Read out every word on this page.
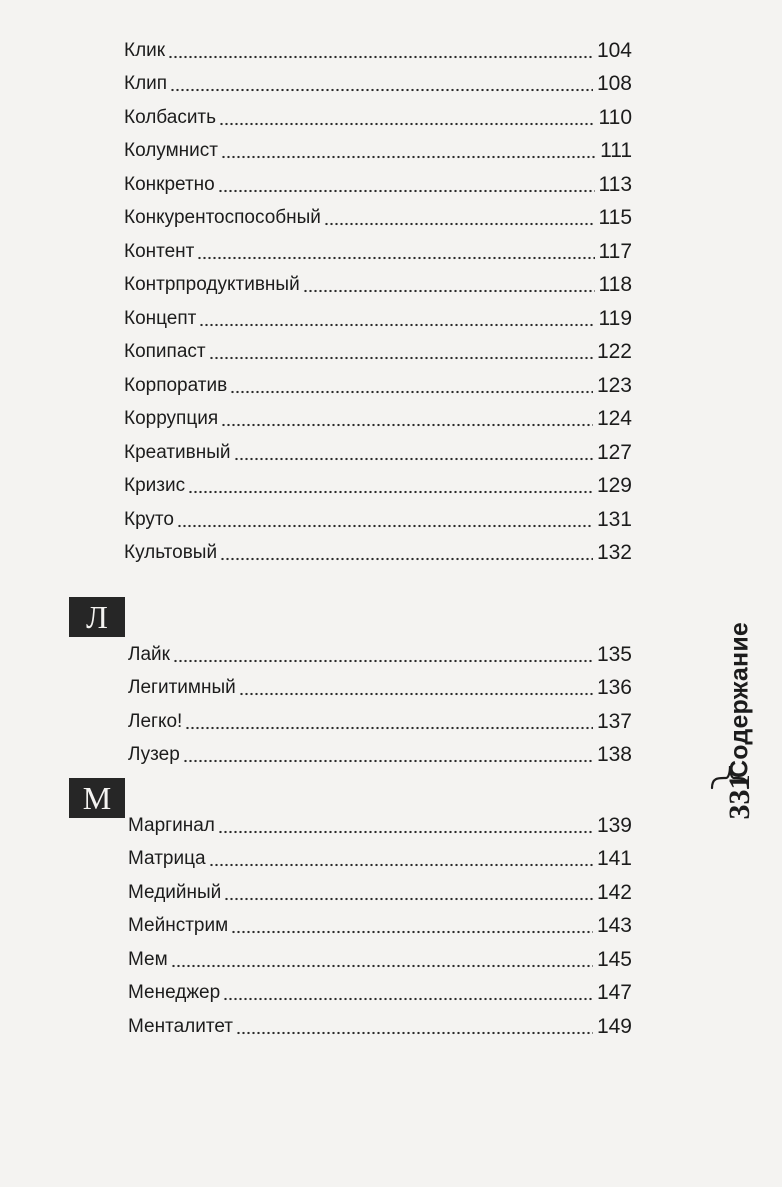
Клик	104
Клип	108
Колбасить	110
Колумнист	111
Конкретно	113
Конкурентоспособный	115
Контент	117
Контрпродуктивный	118
Концепт	119
Копипаст	122
Корпоратив	123
Коррупция	124
Креативный	127
Кризис	129
Круто	131
Культовый	132
Л
Лайк	135
Легитимный	136
Легко!	137
Лузер	138
М
Маргинал	139
Матрица	141
Медийный	142
Мейнстрим	143
Мем	145
Менеджер	147
Менталитет	149
Содержание
331
